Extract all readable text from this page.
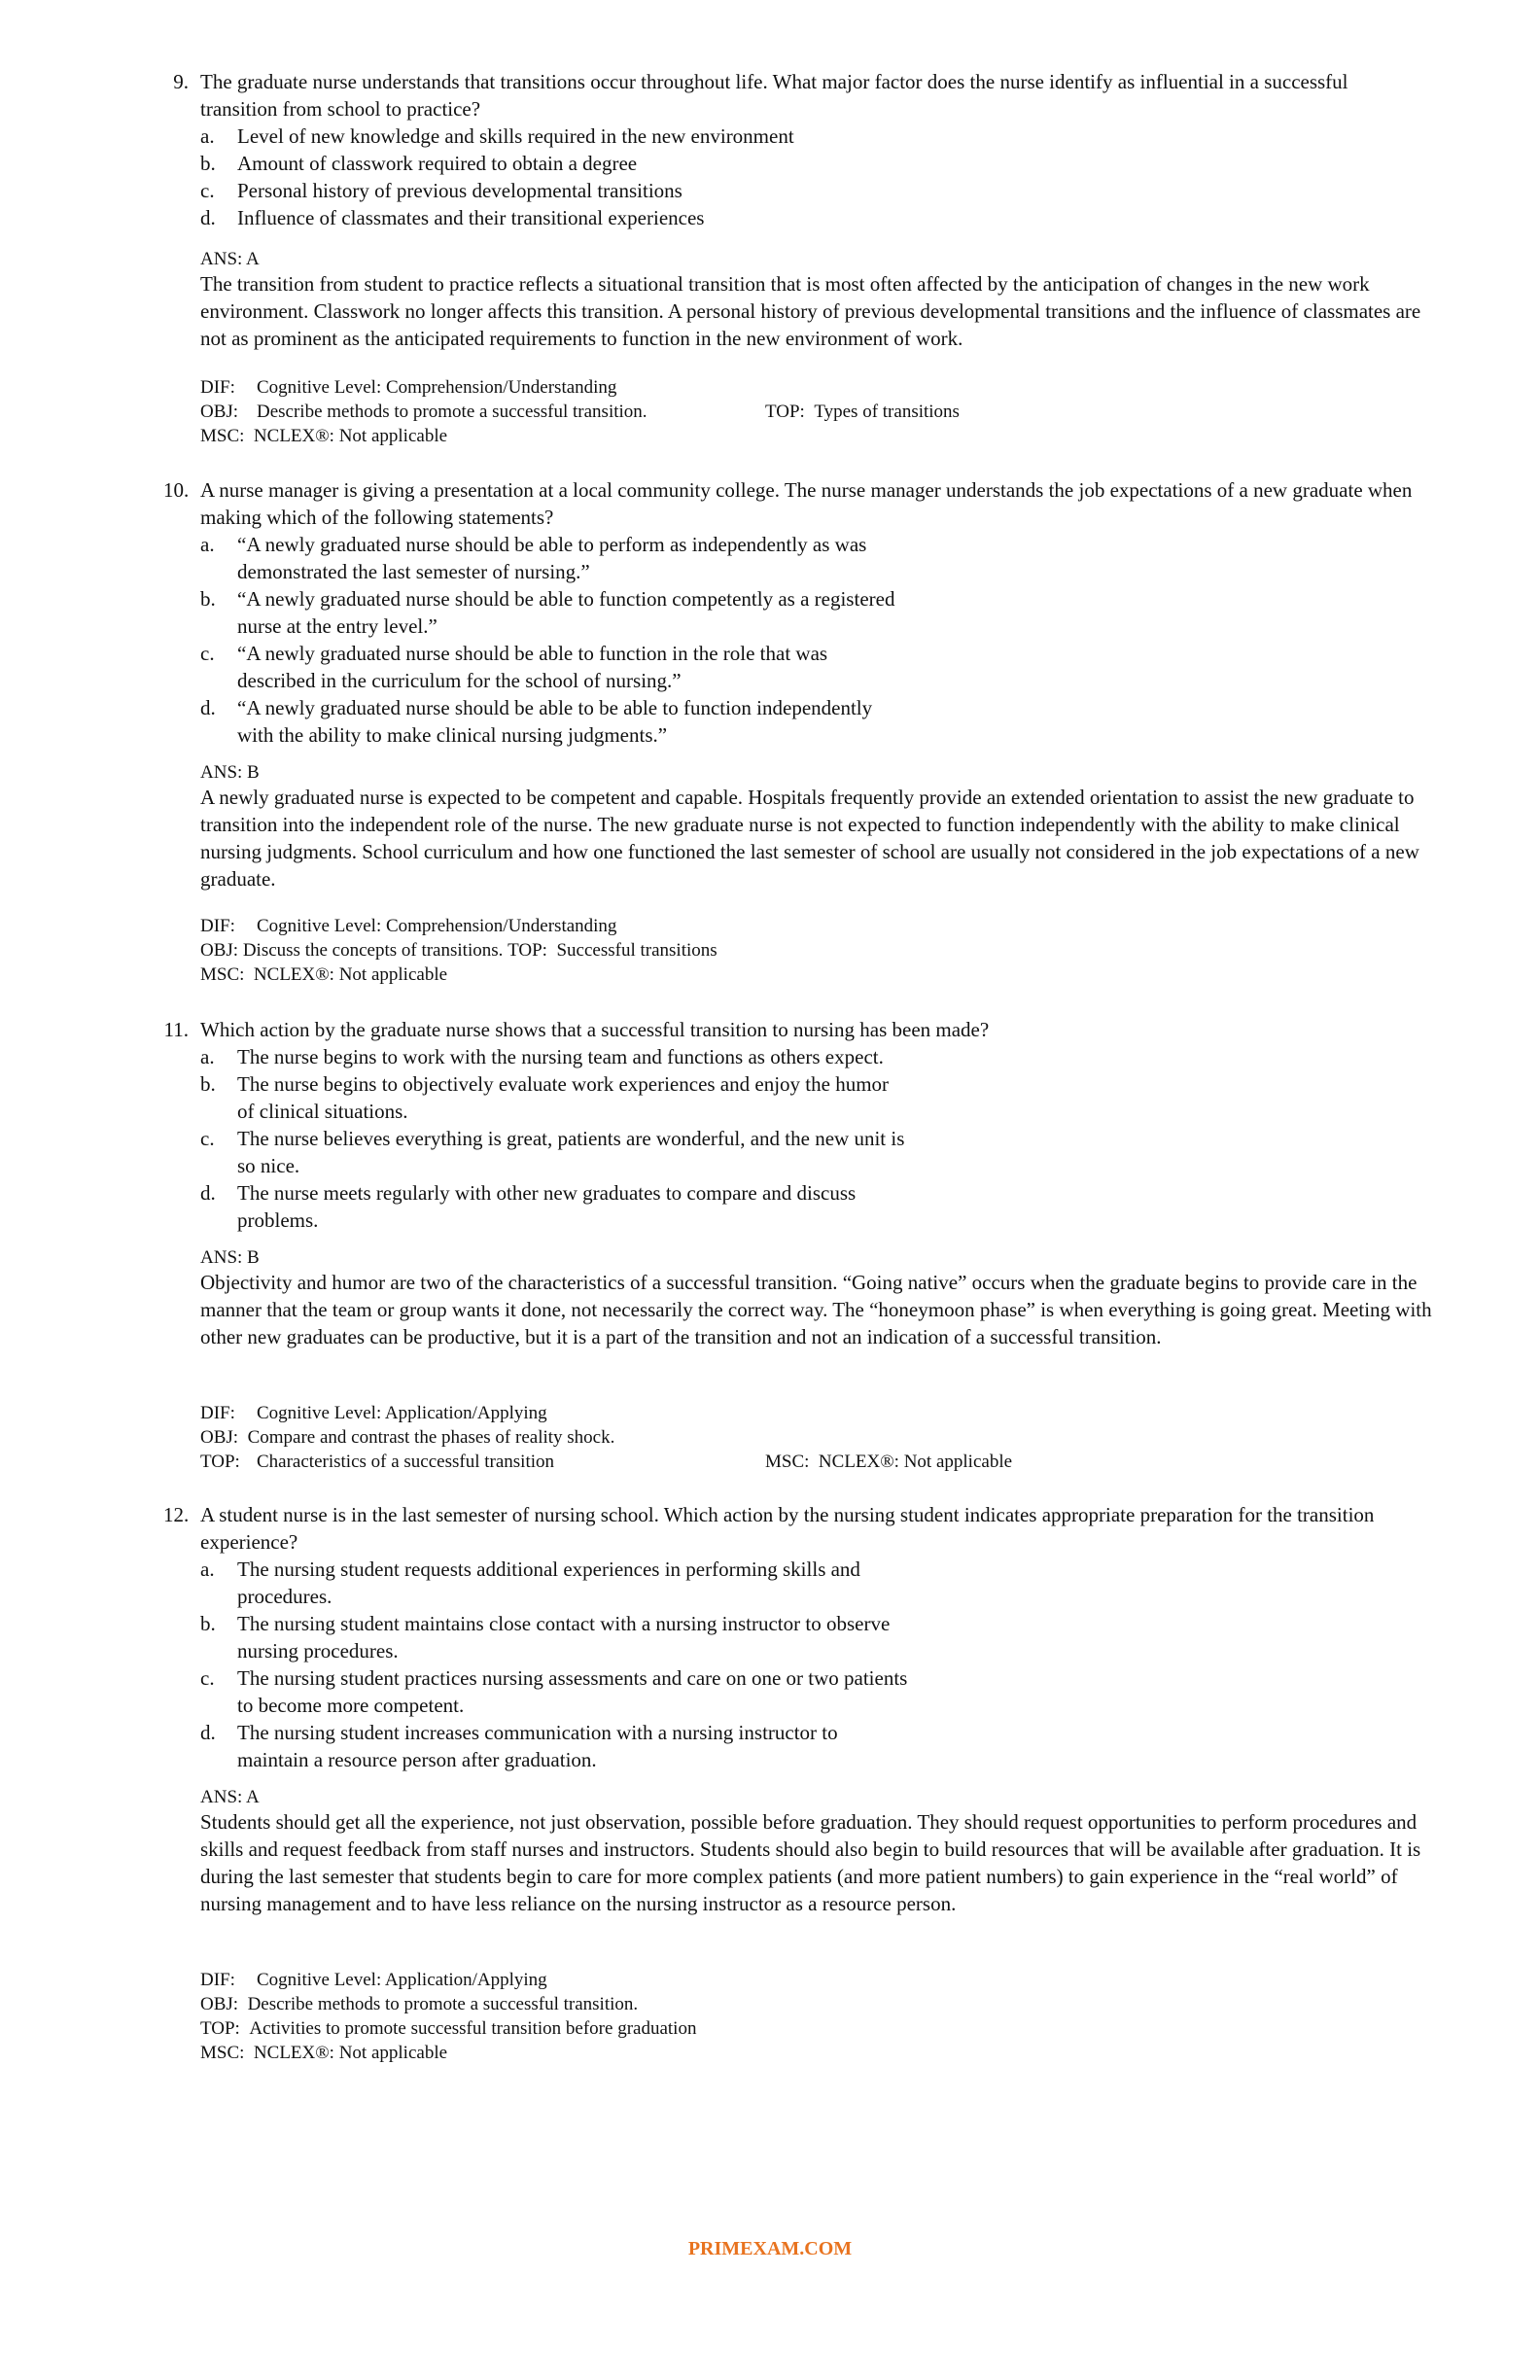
9. The graduate nurse understands that transitions occur throughout life. What major factor does the nurse identify as influential in a successful transition from school to practice?
a.	Level of new knowledge and skills required in the new environment
b.	Amount of classwork required to obtain a degree
c.	Personal history of previous developmental transitions
d.	Influence of classmates and their transitional experiences
ANS: A
The transition from student to practice reflects a situational transition that is most often affected by the anticipation of changes in the new work environment. Classwork no longer affects this transition. A personal history of previous developmental transitions and the influence of classmates are not as prominent as the anticipated requirements to function in the new environment of work.
DIF: Cognitive Level: Comprehension/Understanding
OBJ: Describe methods to promote a successful transition.	TOP: Types of transitions
MSC: NCLEX®: Not applicable
10. A nurse manager is giving a presentation at a local community college. The nurse manager understands the job expectations of a new graduate when making which of the following statements?
a.	“A newly graduated nurse should be able to perform as independently as was
demonstrated the last semester of nursing.”
b.	“A newly graduated nurse should be able to function competently as a registered
nurse at the entry level.”
c.	“A newly graduated nurse should be able to function in the role that was
described in the curriculum for the school of nursing.”
d.	“A newly graduated nurse should be able to be able to function independently
with the ability to make clinical nursing judgments.”
ANS: B
A newly graduated nurse is expected to be competent and capable. Hospitals frequently provide an extended orientation to assist the new graduate to transition into the independent role of the nurse. The new graduate nurse is not expected to function independently with the ability to make clinical nursing judgments. School curriculum and how one functioned the last semester of school are usually not considered in the job expectations of a new graduate.
DIF: Cognitive Level: Comprehension/Understanding
OBJ: Discuss the concepts of transitions. TOP: Successful transitions
MSC: NCLEX®: Not applicable
11. Which action by the graduate nurse shows that a successful transition to nursing has been made?
a.	The nurse begins to work with the nursing team and functions as others expect.
b.	The nurse begins to objectively evaluate work experiences and enjoy the humor
of clinical situations.
c.	The nurse believes everything is great, patients are wonderful, and the new unit is
so nice.
d.	The nurse meets regularly with other new graduates to compare and discuss
problems.
ANS: B
Objectivity and humor are two of the characteristics of a successful transition. “Going native” occurs when the graduate begins to provide care in the manner that the team or group wants it done, not necessarily the correct way. The “honeymoon phase” is when everything is going great. Meeting with other new graduates can be productive, but it is a part of the transition and not an indication of a successful transition.
DIF: Cognitive Level: Application/Applying
OBJ: Compare and contrast the phases of reality shock.
TOP: Characteristics of a successful transition	MSC: NCLEX®: Not applicable
12. A student nurse is in the last semester of nursing school. Which action by the nursing student indicates appropriate preparation for the transition experience?
a.	The nursing student requests additional experiences in performing skills and
procedures.
b.	The nursing student maintains close contact with a nursing instructor to observe
nursing procedures.
c.	The nursing student practices nursing assessments and care on one or two patients
to become more competent.
d.	The nursing student increases communication with a nursing instructor to
maintain a resource person after graduation.
ANS: A
Students should get all the experience, not just observation, possible before graduation. They should request opportunities to perform procedures and skills and request feedback from staff nurses and instructors. Students should also begin to build resources that will be available after graduation. It is during the last semester that students begin to care for more complex patients (and more patient numbers) to gain experience in the “real world” of nursing management and to have less reliance on the nursing instructor as a resource person.
DIF: Cognitive Level: Application/Applying
OBJ: Describe methods to promote a successful transition.
TOP: Activities to promote successful transition before graduation
MSC: NCLEX®: Not applicable
PRIMEXAM.COM
